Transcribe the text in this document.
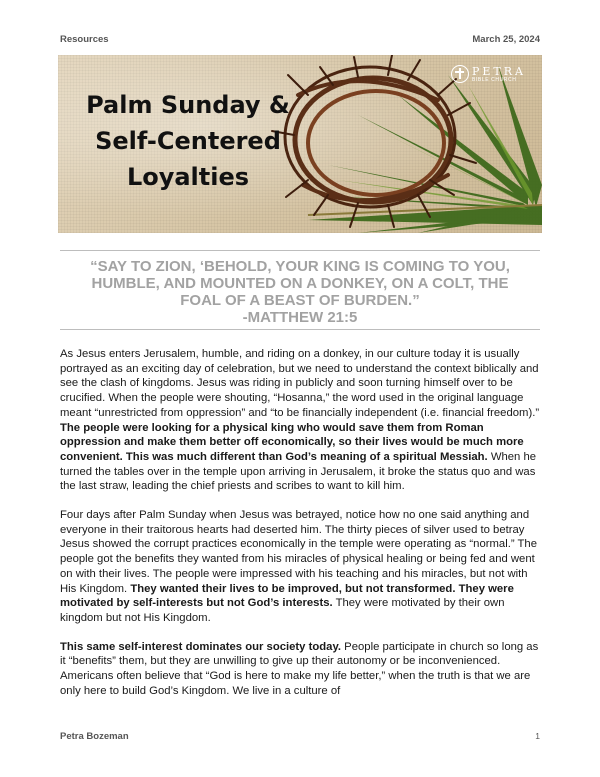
Resources	March 25, 2024
Palm Sunday &
Self-Centered
Loyalties
PETRA
BIBLE CHURCH
“SAY TO ZION, ‘BEHOLD, YOUR KING IS COMING TO YOU,
HUMBLE, AND MOUNTED ON A DONKEY, ON A COLT, THE
FOAL OF A BEAST OF BURDEN.”
-MATTHEW 21:5

As Jesus enters Jerusalem, humble, and riding on a donkey, in our culture today it is usually portrayed as an exciting day of celebration, but we need to understand the context biblically and see the clash of kingdoms. Jesus was riding in publicly and soon turning himself over to be crucified. When the people were shouting, “Hosanna,” the word used in the original language meant “unrestricted from oppression” and “to be financially independent (i.e. financial freedom).” The people were looking for a physical king who would save them from Roman oppression and make them better off economically, so their lives would be much more convenient. This was much different than God’s meaning of a spiritual Messiah. When he turned the tables over in the temple upon arriving in Jerusalem, it broke the status quo and was the last straw, leading the chief priests and scribes to want to kill him.

Four days after Palm Sunday when Jesus was betrayed, notice how no one said anything and everyone in their traitorous hearts had deserted him. The thirty pieces of silver used to betray Jesus showed the corrupt practices economically in the temple were operating as “normal.” The people got the benefits they wanted from his miracles of physical healing or being fed and went on with their lives. The people were impressed with his teaching and his miracles, but not with His Kingdom. They wanted their lives to be improved, but not transformed. They were motivated by self-interests but not God’s interests. They were motivated by their own kingdom but not His Kingdom.

This same self-interest dominates our society today. People participate in church so long as it “benefits” them, but they are unwilling to give up their autonomy or be inconvenienced. Americans often believe that “God is here to make my life better,” when the truth is that we are only here to build God’s Kingdom. We live in a culture of

Petra Bozeman	1
